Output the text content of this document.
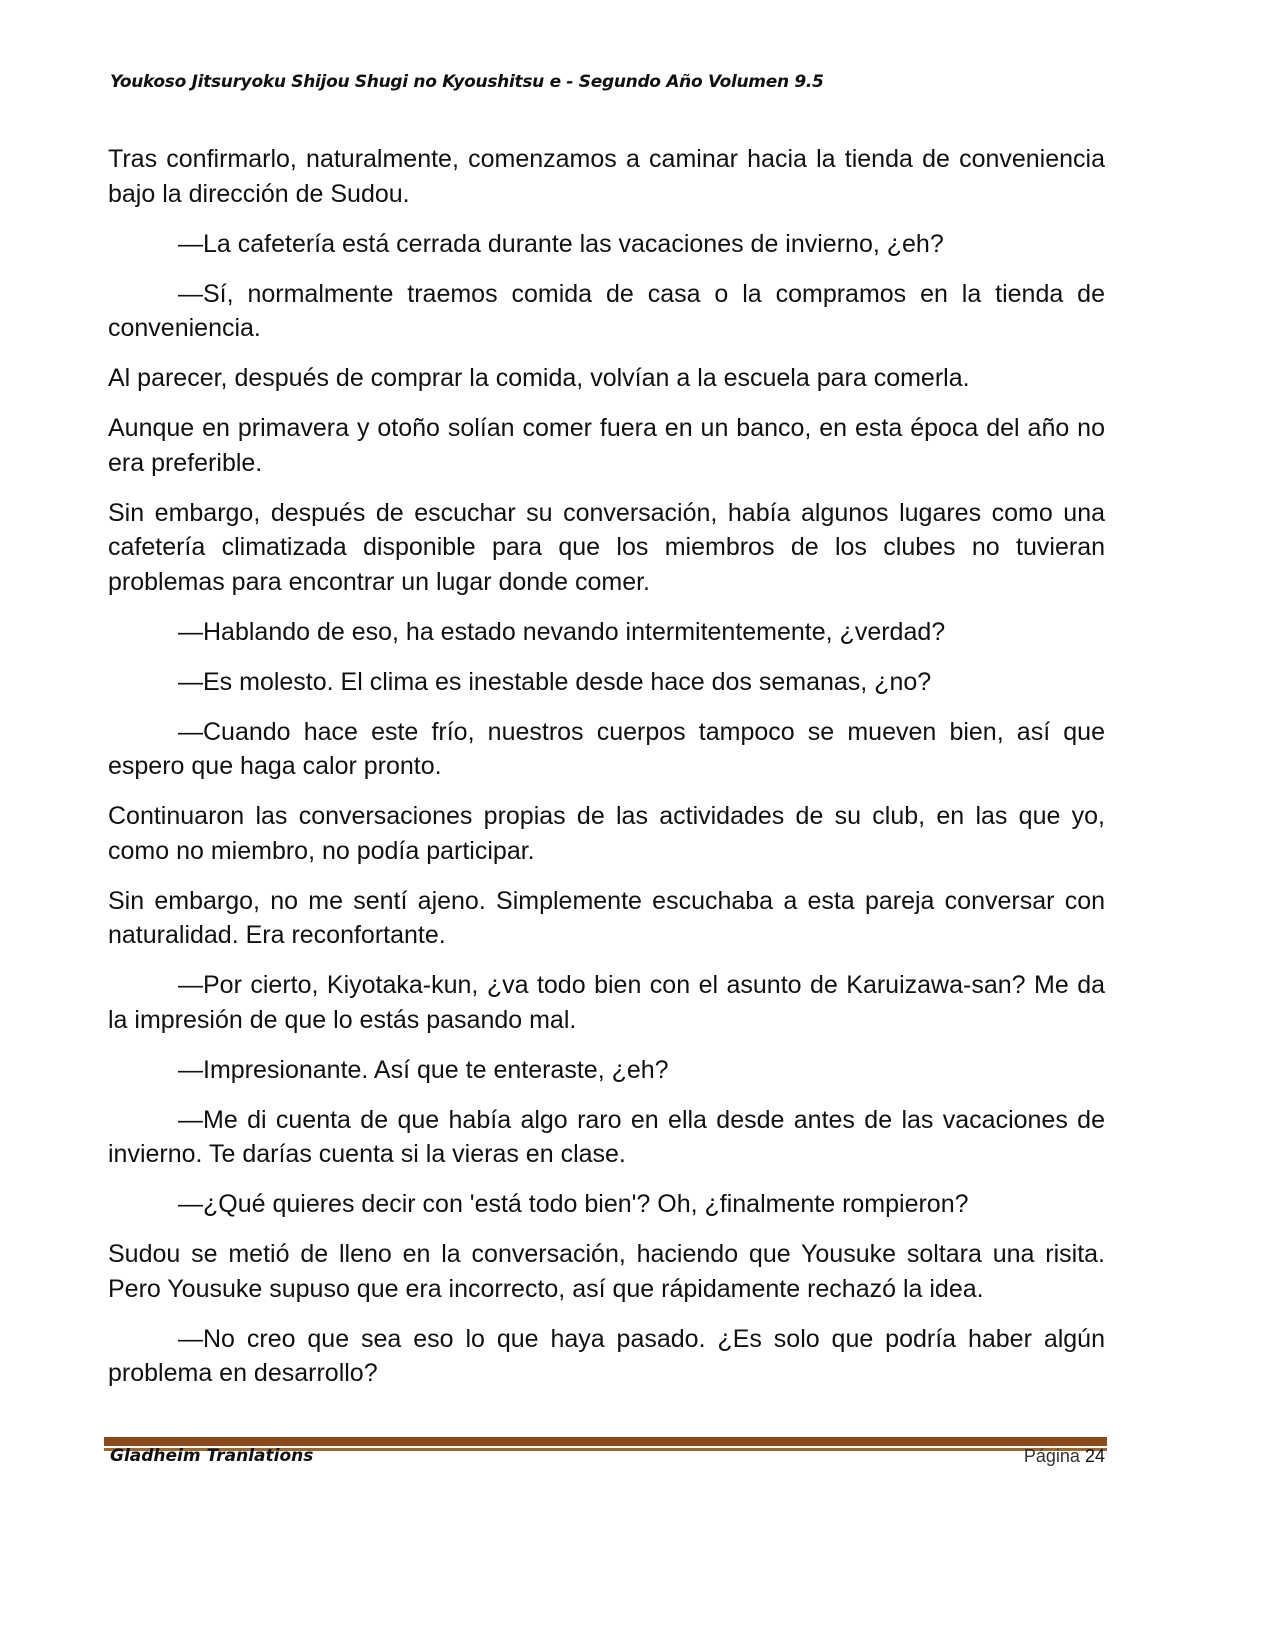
Youkoso Jitsuryoku Shijou Shugi no Kyoushitsu e - Segundo Año Volumen 9.5

Tras confirmarlo, naturalmente, comenzamos a caminar hacia la tienda de conveniencia bajo la dirección de Sudou.

—La cafetería está cerrada durante las vacaciones de invierno, ¿eh?

—Sí, normalmente traemos comida de casa o la compramos en la tienda de conveniencia.

Al parecer, después de comprar la comida, volvían a la escuela para comerla.

Aunque en primavera y otoño solían comer fuera en un banco, en esta época del año no era preferible.

Sin embargo, después de escuchar su conversación, había algunos lugares como una cafetería climatizada disponible para que los miembros de los clubes no tuvieran problemas para encontrar un lugar donde comer.

—Hablando de eso, ha estado nevando intermitentemente, ¿verdad?

—Es molesto. El clima es inestable desde hace dos semanas, ¿no?

—Cuando hace este frío, nuestros cuerpos tampoco se mueven bien, así que espero que haga calor pronto.

Continuaron las conversaciones propias de las actividades de su club, en las que yo, como no miembro, no podía participar.

Sin embargo, no me sentí ajeno. Simplemente escuchaba a esta pareja conversar con naturalidad. Era reconfortante.

—Por cierto, Kiyotaka-kun, ¿va todo bien con el asunto de Karuizawa-san? Me da la impresión de que lo estás pasando mal.

—Impresionante. Así que te enteraste, ¿eh?

—Me di cuenta de que había algo raro en ella desde antes de las vacaciones de invierno. Te darías cuenta si la vieras en clase.

—¿Qué quieres decir con 'está todo bien'? Oh, ¿finalmente rompieron?

Sudou se metió de lleno en la conversación, haciendo que Yousuke soltara una risita. Pero Yousuke supuso que era incorrecto, así que rápidamente rechazó la idea.

—No creo que sea eso lo que haya pasado. ¿Es solo que podría haber algún problema en desarrollo?

Gladheim Tranlations	Página 24
